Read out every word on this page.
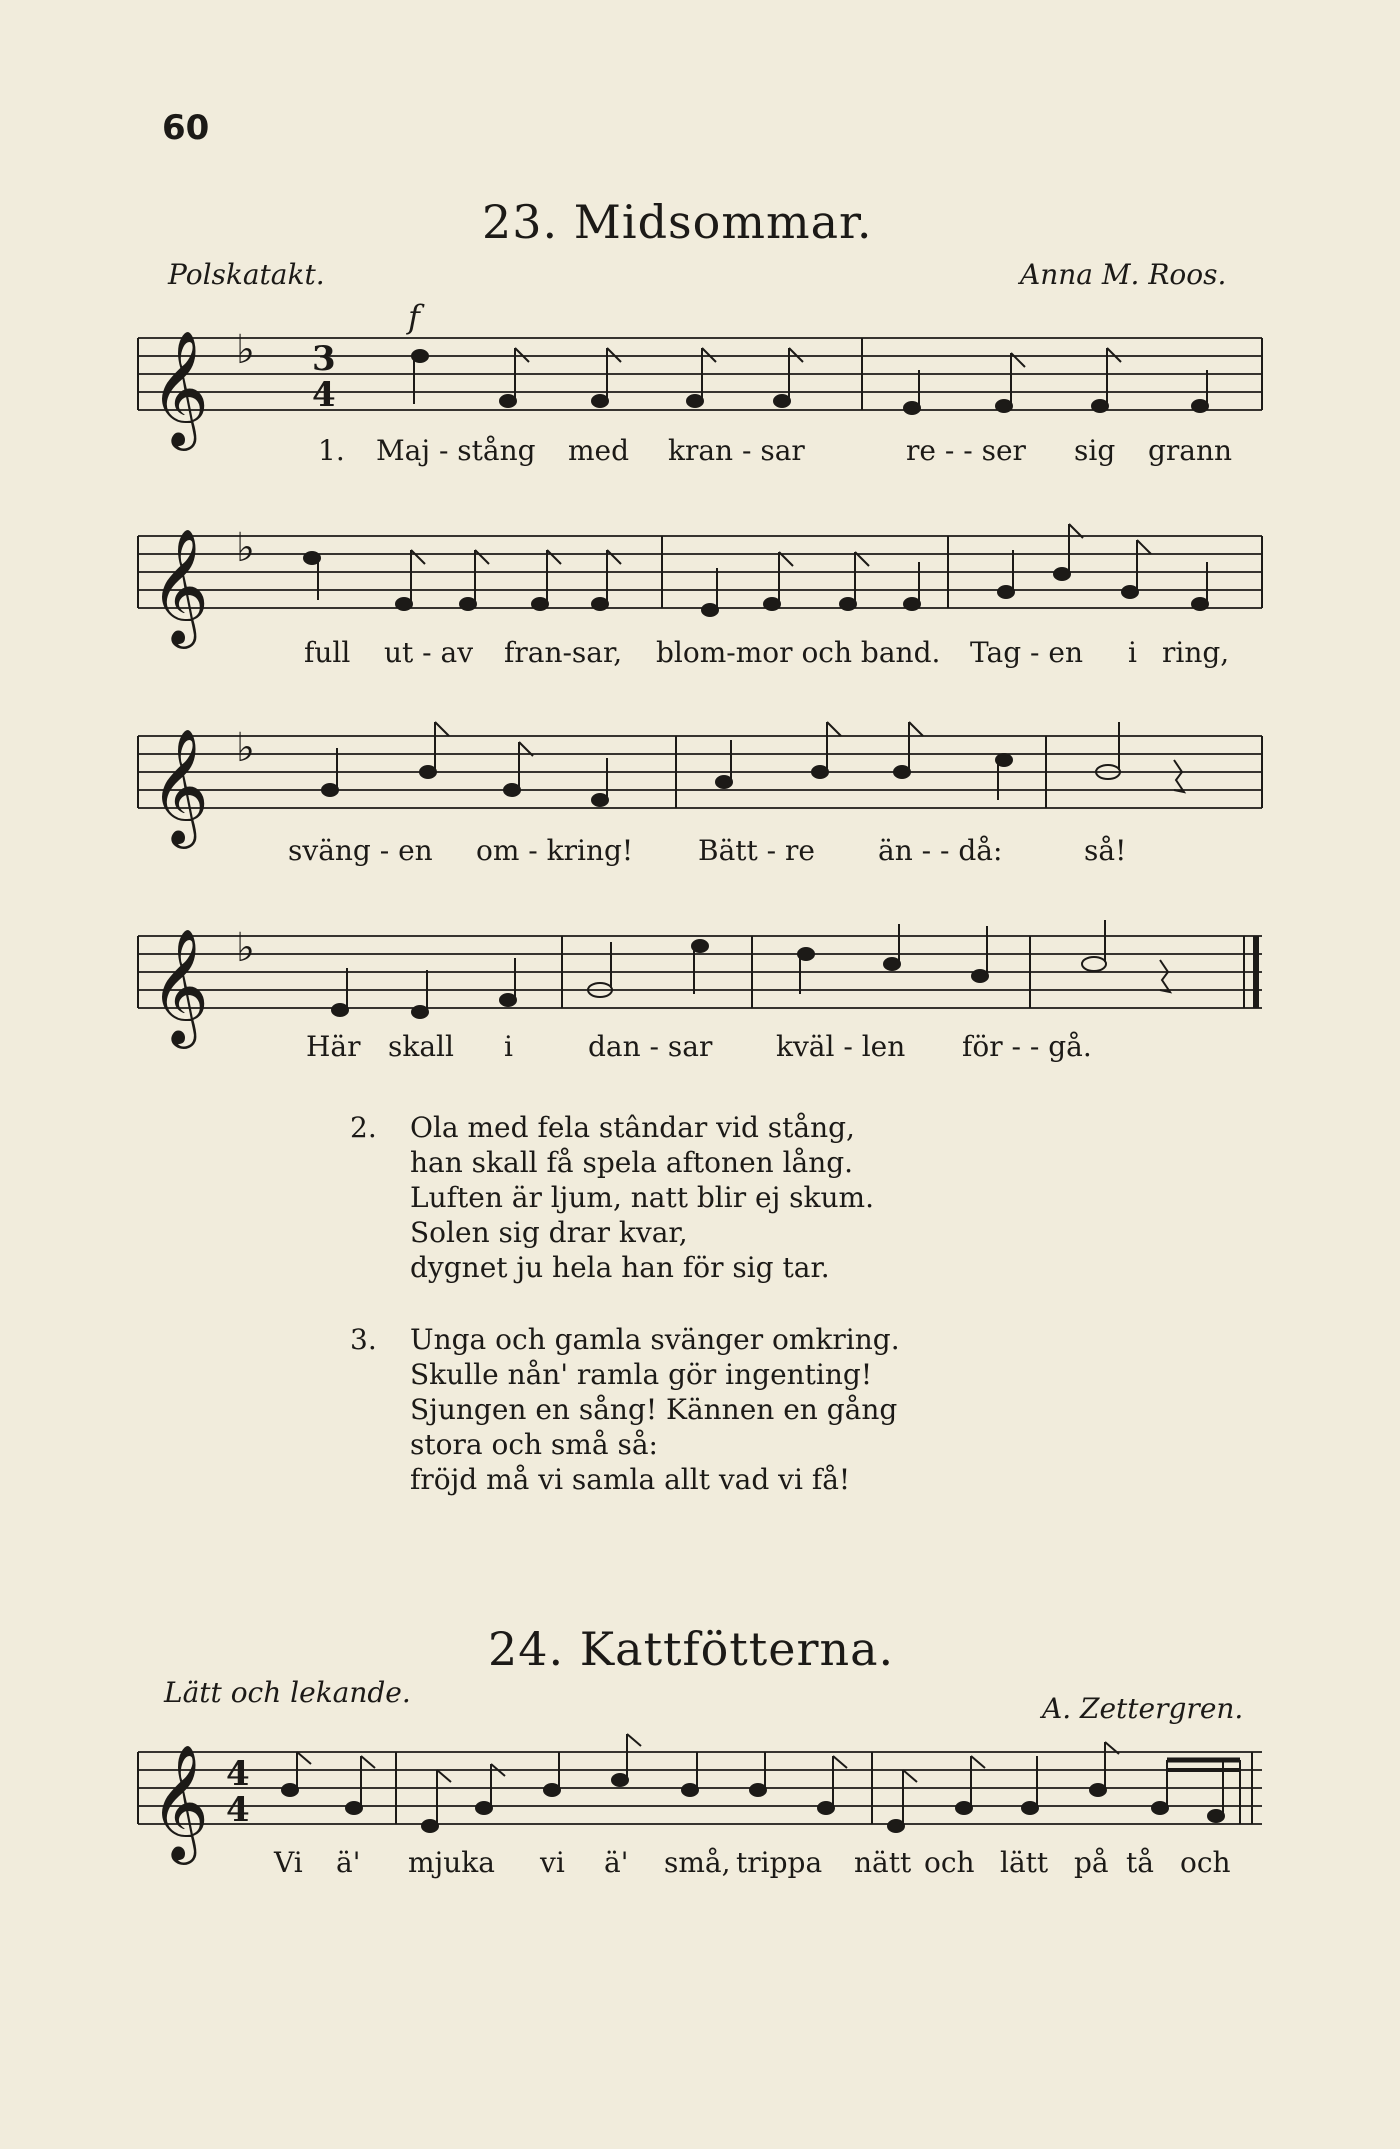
60
23. Midsommar.
Polskatakt.	Anna M. Roos.
𝄞
𝄞
𝄞
𝄞
𝄞
♭
♭
♭
♭
f
3
4
4
4
1. Maj - stång med kran - sar	re - - ser sig grann
full ut - av fran-sar, blom-mor och band. Tag - en i ring,
sväng - en om - kring! Bätt - re än - - då:	så!
Här skall i	dan - sar kväl - len för - - gå.
2. Ola med fela stândar vid stång,
han skall få spela aftonen lång.
Luften är ljum, natt blir ej skum.
Solen sig drar kvar,
dygnet ju hela han för sig tar.
3. Unga och gamla svänger omkring.
Skulle nån' ramla gör ingenting!
Sjungen en sång! Kännen en gång
stora och små så:
fröjd må vi samla allt vad vi få!
24. Kattfötterna.
Lätt och lekande.	A. Zettergren.
Vi ä' mjuka vi ä' små, trippa nätt och lätt på tå och
